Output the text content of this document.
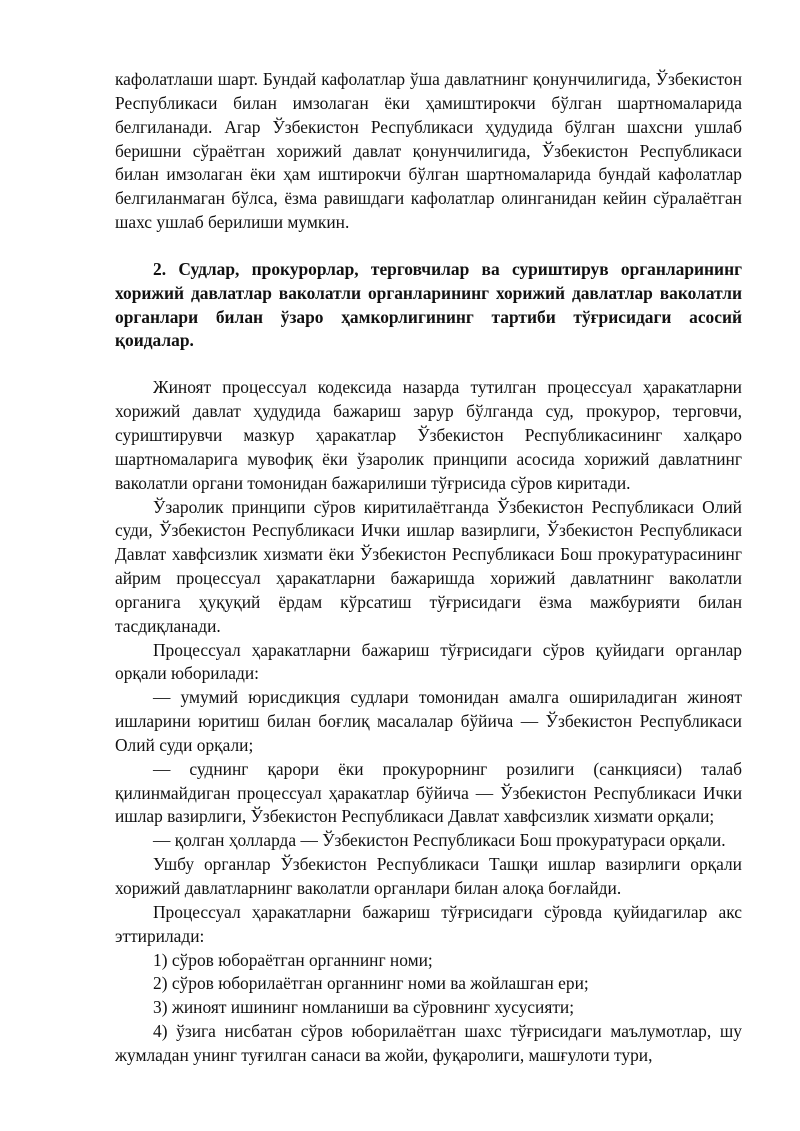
кафолатлаши шарт. Бундай кафолатлар ўша давлатнинг қонунчилигида, Ўзбекистон Республикаси билан имзолаган ёки ҳамиштирокчи бўлган шартномаларида белгиланади. Агар Ўзбекистон Республикаси ҳудудида бўлган шахсни ушлаб беришни сўраётган хорижий давлат қонунчилигида, Ўзбекистон Республикаси билан имзолаган ёки ҳам иштирокчи бўлган шартномаларида бундай кафолатлар белгиланмаган бўлса, ёзма равишдаги кафолатлар олинганидан кейин сўралаётган шахс ушлаб берилиши мумкин.

2. Судлар, прокурорлар, терговчилар ва суриштирув органларининг хорижий давлатлар ваколатли органларининг хорижий давлатлар ваколатли органлари билан ўзаро ҳамкорлигининг тартиби тўғрисидаги асосий қоидалар.

Жиноят процессуал кодексида назарда тутилган процессуал ҳаракатларни хорижий давлат ҳудудида бажариш зарур бўлганда суд, прокурор, терговчи, суриштирувчи мазкур ҳаракатлар Ўзбекистон Республикасининг халқаро шартномаларига мувофиқ ёки ўзаролик принципи асосида хорижий давлатнинг ваколатли органи томонидан бажарилиши тўғрисида сўров киритади.

Ўзаролик принципи сўров киритилаётганда Ўзбекистон Республикаси Олий суди, Ўзбекистон Республикаси Ички ишлар вазирлиги, Ўзбекистон Республикаси Давлат хавфсизлик хизмати ёки Ўзбекистон Республикаси Бош прокуратурасининг айрим процессуал ҳаракатларни бажаришда хорижий давлатнинг ваколатли органига ҳуқуқий ёрдам кўрсатиш тўғрисидаги ёзма мажбурияти билан тасдиқланади.

Процессуал ҳаракатларни бажариш тўғрисидаги сўров қуйидаги органлар орқали юборилади:

— умумий юрисдикция судлари томонидан амалга ошириладиган жиноят ишларини юритиш билан боғлиқ масалалар бўйича — Ўзбекистон Республикаси Олий суди орқали;

— суднинг қарори ёки прокурорнинг розилиги (санкцияси) талаб қилинмайдиган процессуал ҳаракатлар бўйича — Ўзбекистон Республикаси Ички ишлар вазирлиги, Ўзбекистон Республикаси Давлат хавфсизлик хизмати орқали;

— қолган ҳолларда — Ўзбекистон Республикаси Бош прокуратураси орқали.

Ушбу органлар Ўзбекистон Республикаси Ташқи ишлар вазирлиги орқали хорижий давлатларнинг ваколатли органлари билан алоқа боғлайди.

Процессуал ҳаракатларни бажариш тўғрисидаги сўровда қуйидагилар акс эттирилади:

1) сўров юбораётган органнинг номи;

2) сўров юборилаётган органнинг номи ва жойлашган ери;

3) жиноят ишининг номланиши ва сўровнинг хусусияти;

4) ўзига нисбатан сўров юборилаётган шахс тўғрисидаги маълумотлар, шу жумладан унинг туғилган санаси ва жойи, фуқаролиги, машғулоти тури,
